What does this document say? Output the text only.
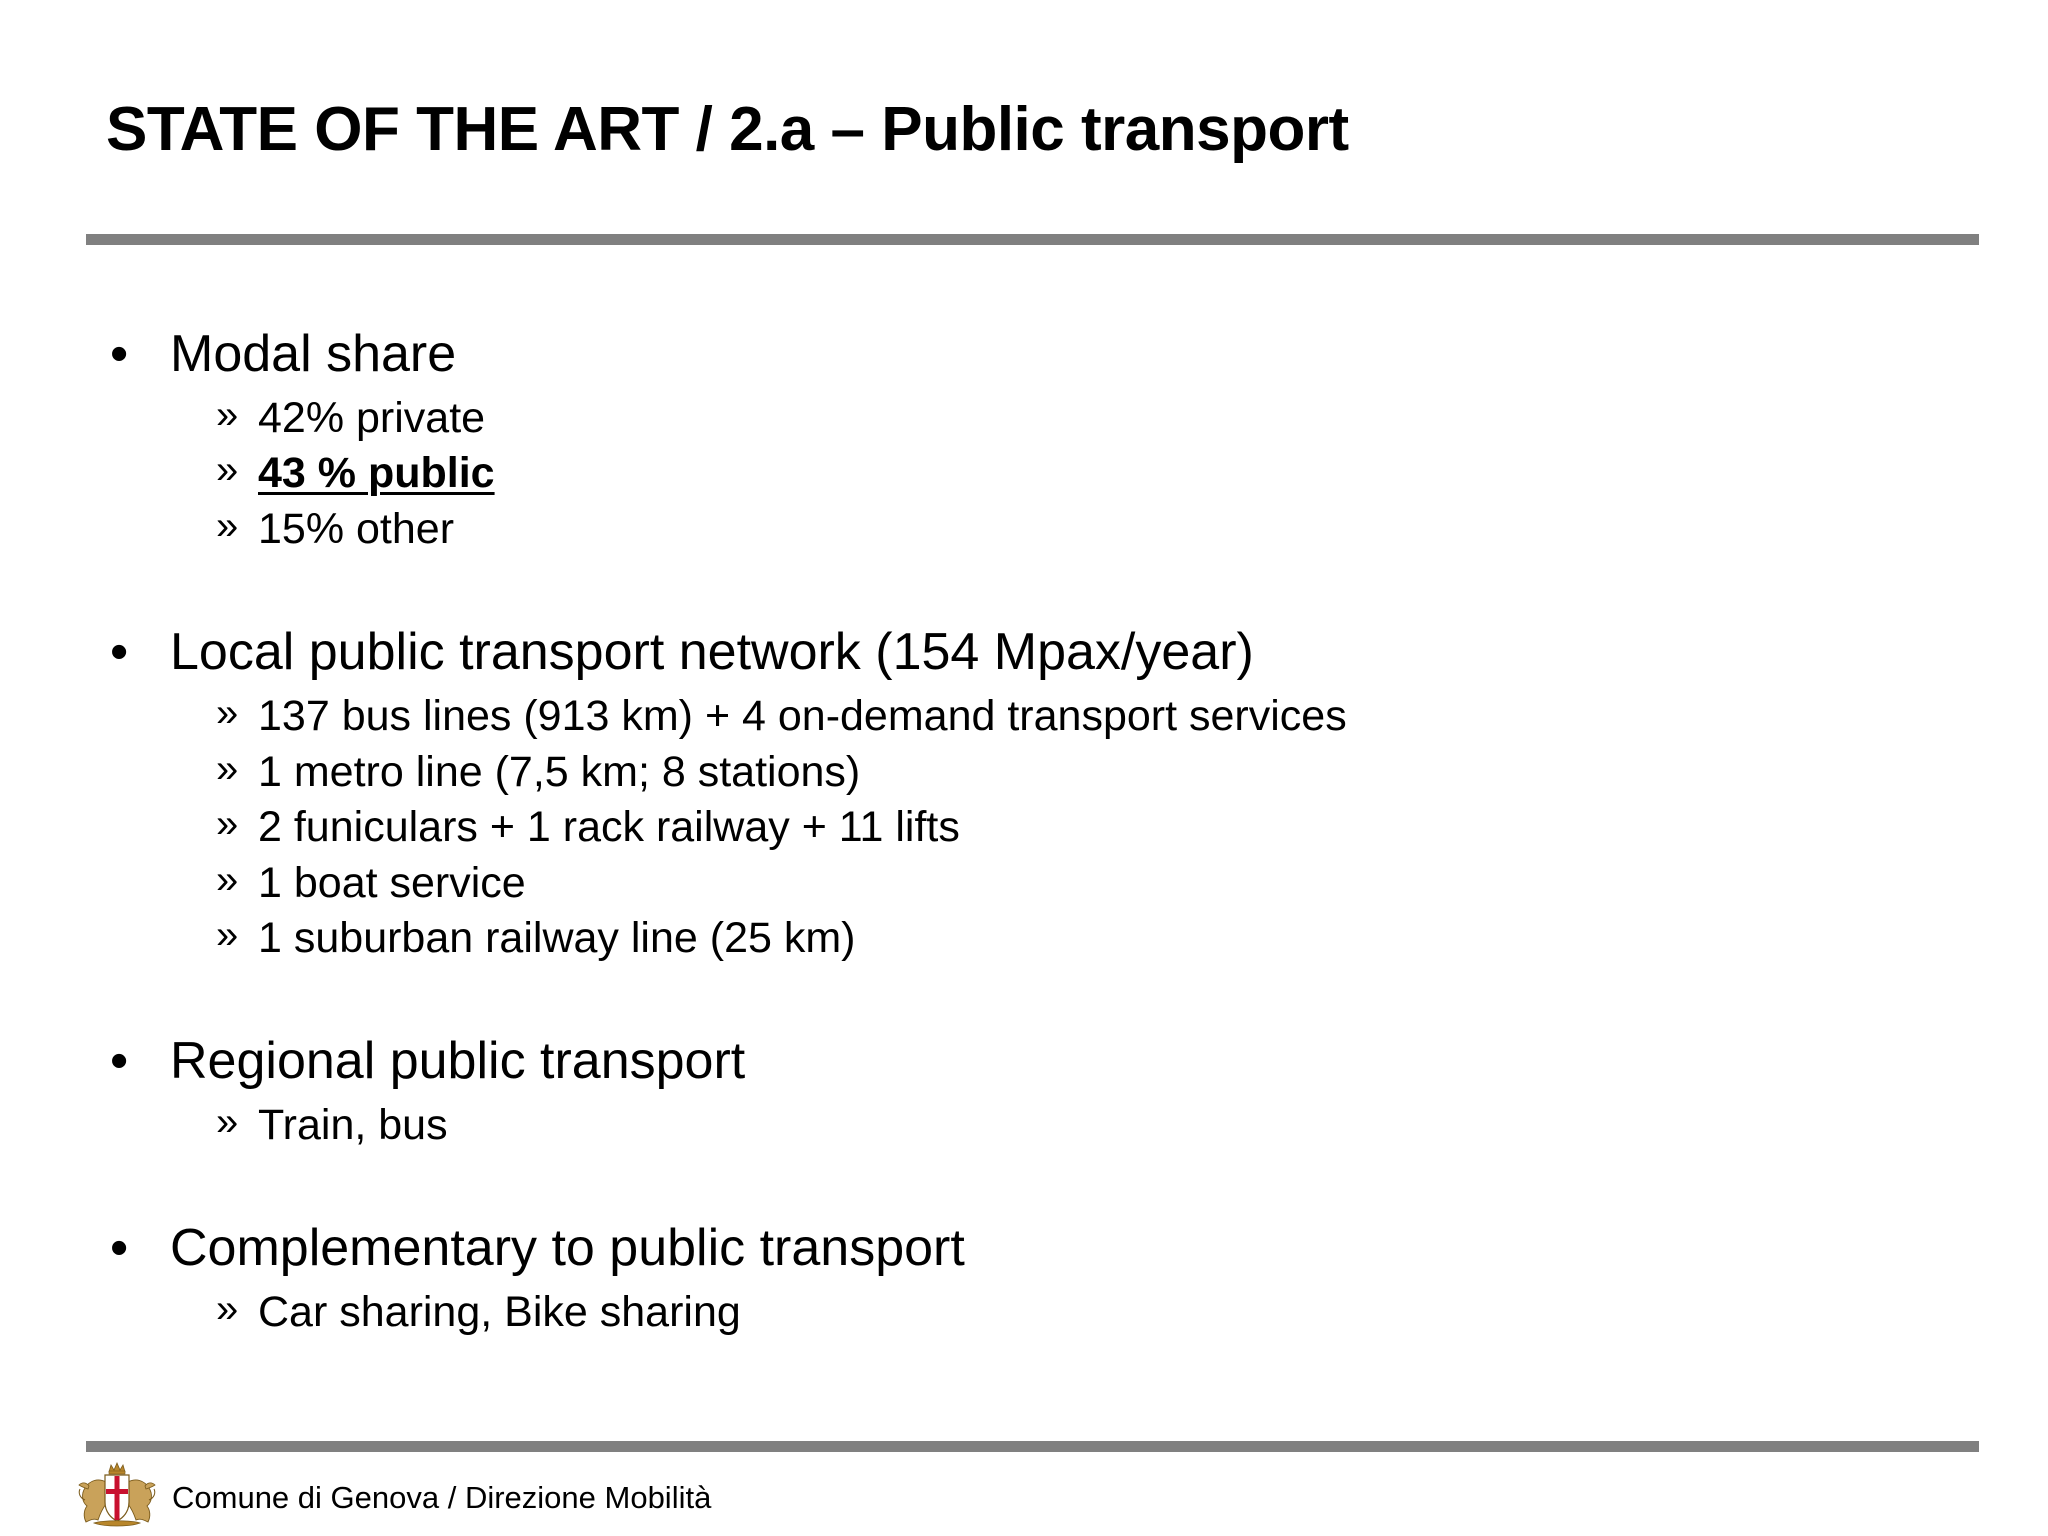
STATE OF THE ART / 2.a – Public transport
• Modal share
» 42% private
» 43 % public
» 15% other
• Local public transport network (154 Mpax/year)
» 137 bus lines (913 km) + 4 on-demand transport services
» 1 metro line (7,5 km; 8 stations)
» 2 funiculars + 1 rack railway + 11 lifts
» 1 boat service
» 1 suburban railway line (25 km)
• Regional public transport
» Train, bus
• Complementary to public transport
» Car sharing, Bike sharing
Comune di Genova / Direzione Mobilità
